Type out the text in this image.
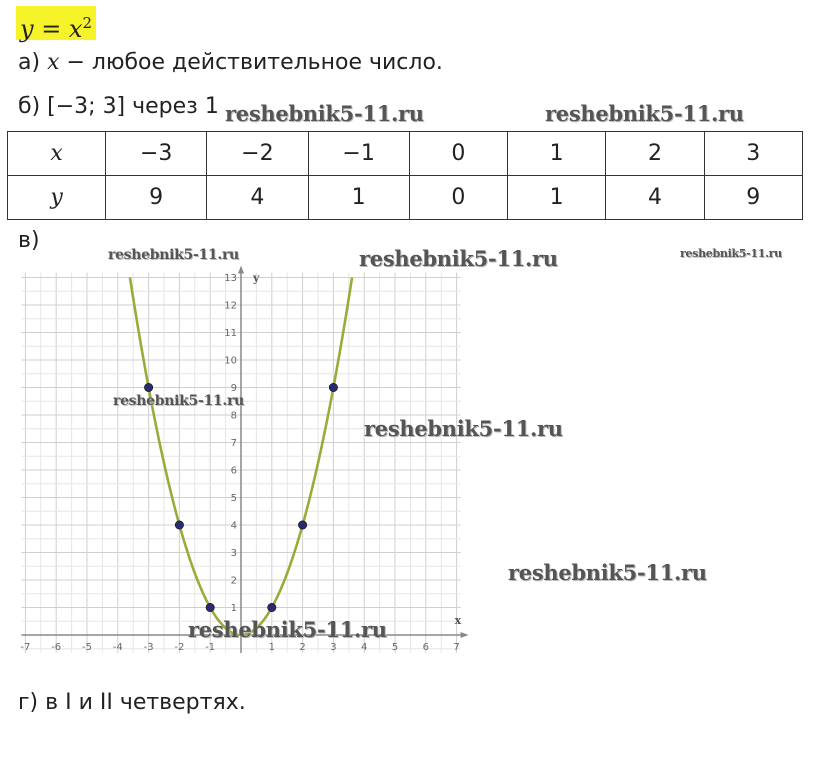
$y = x^2$
а) x − любое действительное число.
б) [−3; 3] через 1
x	−3	−2	−1	0	1	2	3
y	9	4	1	0	1	4	9
в)
x
y
-7 -6 -5 -4 -3 -2 -1	1 2 3 4 5 6 7
1
2
3
4
5
6
7
8
9
10
11
12
13
г) в I и II четвертях.
reshebnik5-11.ru	reshebnik5-11.ru
reshebnik5-11.ru	reshebnik5-11.ru	reshebnik5-11.ru
reshebnik5-11.ru
reshebnik5-11.ru
reshebnik5-11.ru
reshebnik5-11.ru
